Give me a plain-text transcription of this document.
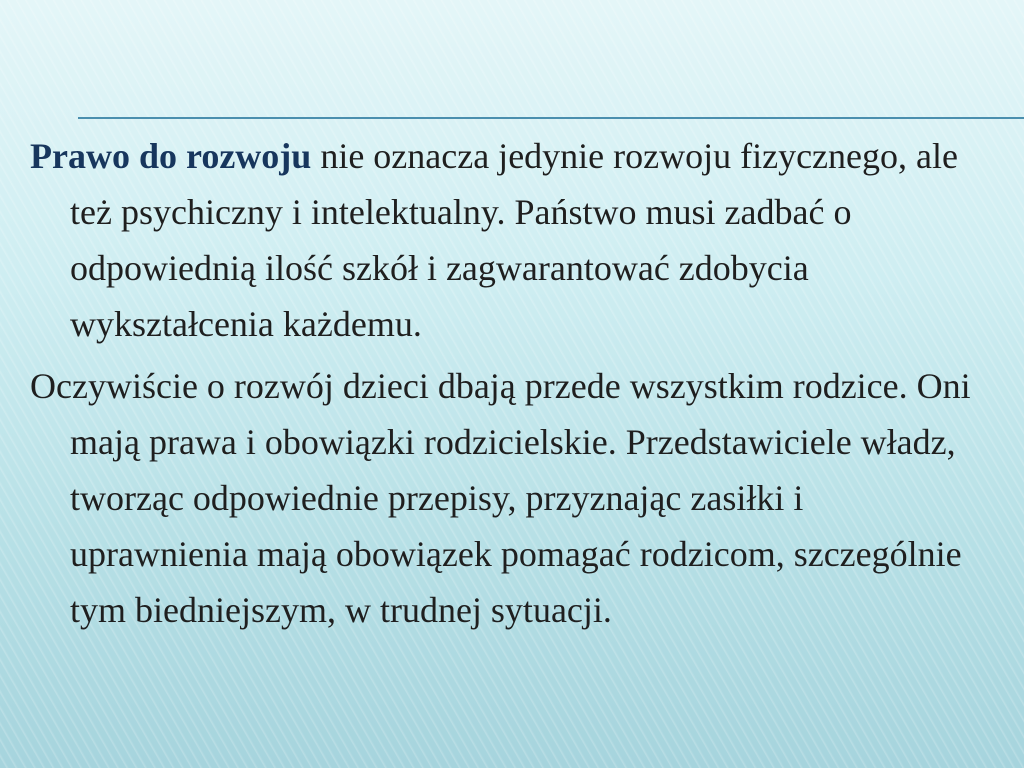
Prawo do rozwoju nie oznacza jedynie rozwoju fizycznego, ale też psychiczny i intelektualny. Państwo musi zadbać o odpowiednią ilość szkół i zagwarantować zdobycia wykształcenia każdemu.

Oczywiście o rozwój dzieci dbają przede wszystkim rodzice. Oni mają prawa i obowiązki rodzicielskie. Przedstawiciele władz, tworząc odpowiednie przepisy, przyznając zasiłki i uprawnienia mają obowiązek pomagać rodzicom, szczególnie tym biedniejszym, w trudnej sytuacji.
